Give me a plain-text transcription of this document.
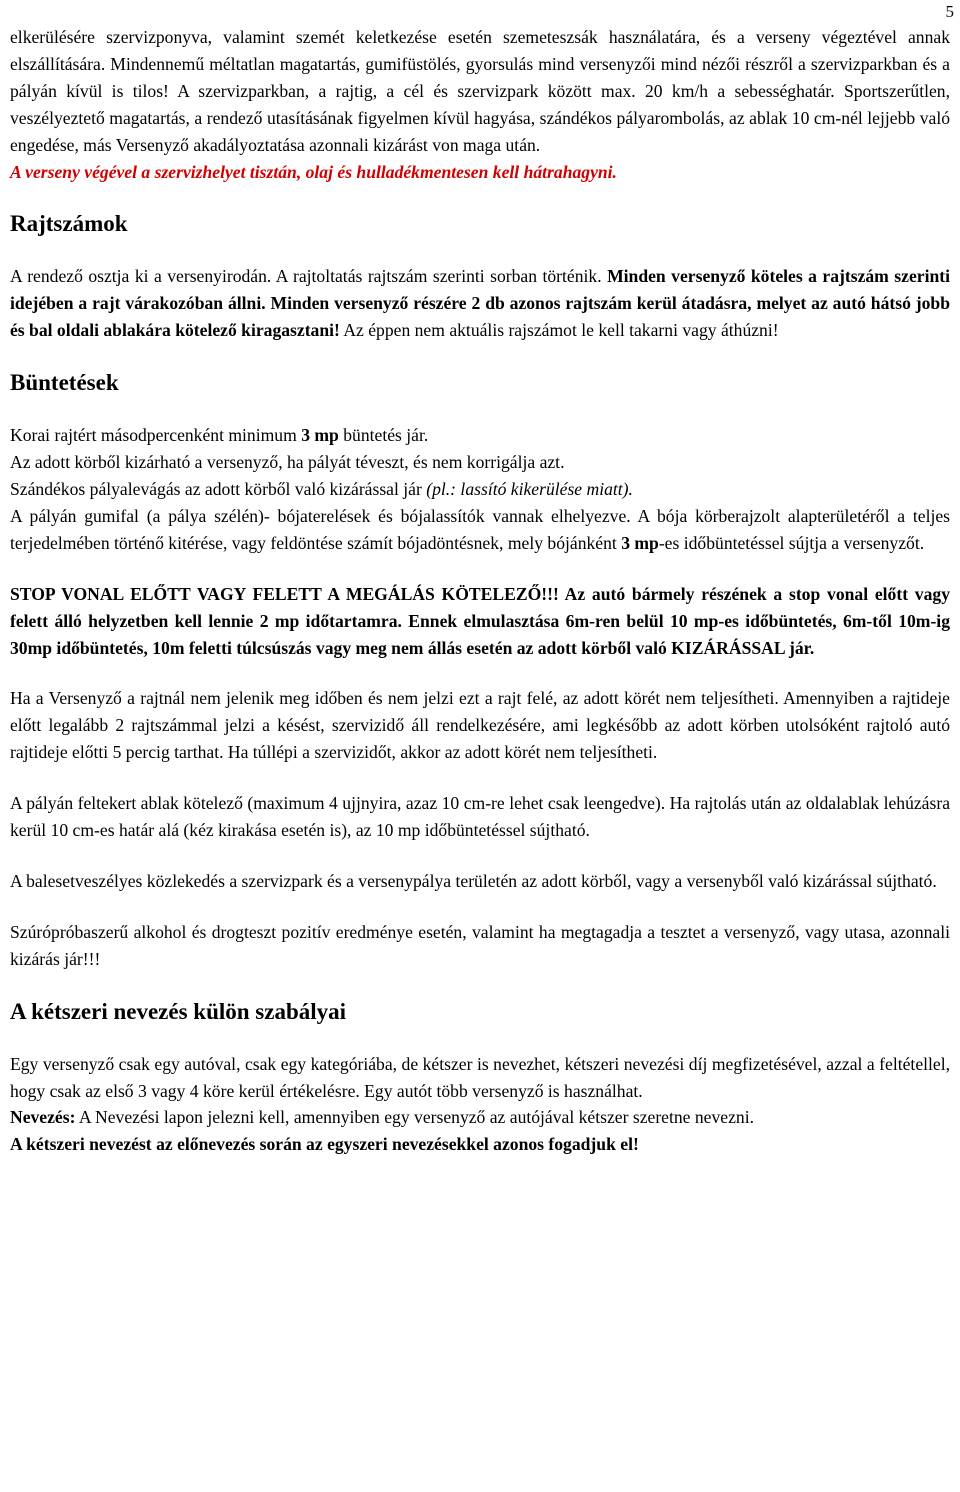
5

elkerülésére szervizponyva, valamint szemét keletkezése esetén szemeteszsák használatára, és a verseny végeztével annak elszállítására. Mindennemű méltatlan magatartás, gumifüstölés, gyorsulás mind versenyzői mind nézői részről a szervizparkban és a pályán kívül is tilos! A szervizparkban, a rajtig, a cél és szervizpark között max. 20 km/h a sebességhatár. Sportszerűtlen, veszélyeztető magatartás, a rendező utasításának figyelmen kívül hagyása, szándékos pályarombolás, az ablak 10 cm-nél lejjebb való engedése, más Versenyző akadályoztatása azonnali kizárást von maga után.
A verseny végével a szervizhelyet tisztán, olaj és hulladékmentesen kell hátrahagyni.

Rajtszámok

A rendező osztja ki a versenyirodán. A rajtoltatás rajtszám szerinti sorban történik. Minden versenyző köteles a rajtszám szerinti idejében a rajt várakozóban állni. Minden versenyző részére 2 db azonos rajtszám kerül átadásra, melyet az autó hátsó jobb és bal oldali ablakára kötelező kiragasztani! Az éppen nem aktuális rajszámot le kell takarni vagy áthúzni!

Büntetések

Korai rajtért másodpercenként minimum 3 mp büntetés jár.

Az adott körből kizárható a versenyző, ha pályát téveszt, és nem korrigálja azt.

Szándékos pályalevágás az adott körből való kizárással jár (pl.: lassító kikerülése miatt).

A pályán gumifal (a pálya szélén)- bójaterelések és bójalassítók vannak elhelyezve. A bója körberajzolt alapterületéről a teljes terjedelmében történő kitérése, vagy feldöntése számít bójadöntésnek, mely bójánként 3 mp-es időbüntetéssel sújtja a versenyzőt.

STOP VONAL ELŐTT VAGY FELETT A MEGÁLÁS KÖTELEZŐ!!! Az autó bármely részének a stop vonal előtt vagy felett álló helyzetben kell lennie 2 mp időtartamra. Ennek elmulasztása 6m-ren belül 10 mp-es időbüntetés, 6m-től 10m-ig 30mp időbüntetés, 10m feletti túlcsúszás vagy meg nem állás esetén az adott körből való KIZÁRÁSSAL jár.

Ha a Versenyző a rajtnál nem jelenik meg időben és nem jelzi ezt a rajt felé, az adott körét nem teljesítheti. Amennyiben a rajtideje előtt legalább 2 rajtszámmal jelzi a késést, szervizidő áll rendelkezésére, ami legkésőbb az adott körben utolsóként rajtoló autó rajtideje előtti 5 percig tarthat. Ha túllépi a szervizidőt, akkor az adott körét nem teljesítheti.

A pályán feltekert ablak kötelező (maximum 4 ujjnyira, azaz 10 cm-re lehet csak leengedve). Ha rajtolás után az oldalablak lehúzásra kerül 10 cm-es határ alá (kéz kirakása esetén is), az 10 mp időbüntetéssel sújtható.

A balesetveszélyes közlekedés a szervizpark és a versenypálya területén az adott körből, vagy a versenyből való kizárással sújtható.

Szúrópróbaszerű alkohol és drogteszt pozitív eredménye esetén, valamint ha megtagadja a tesztet a versenyző, vagy utasa, azonnali kizárás jár!!!

A kétszeri nevezés külön szabályai

Egy versenyző csak egy autóval, csak egy kategóriába, de kétszer is nevezhet, kétszeri nevezési díj megfizetésével, azzal a feltétellel, hogy csak az első 3 vagy 4 köre kerül értékelésre. Egy autót több versenyző is használhat.

Nevezés: A Nevezési lapon jelezni kell, amennyiben egy versenyző az autójával kétszer szeretne nevezni.

A kétszeri nevezést az előnevezés során az egyszeri nevezésekkel azonos fogadjuk el!
